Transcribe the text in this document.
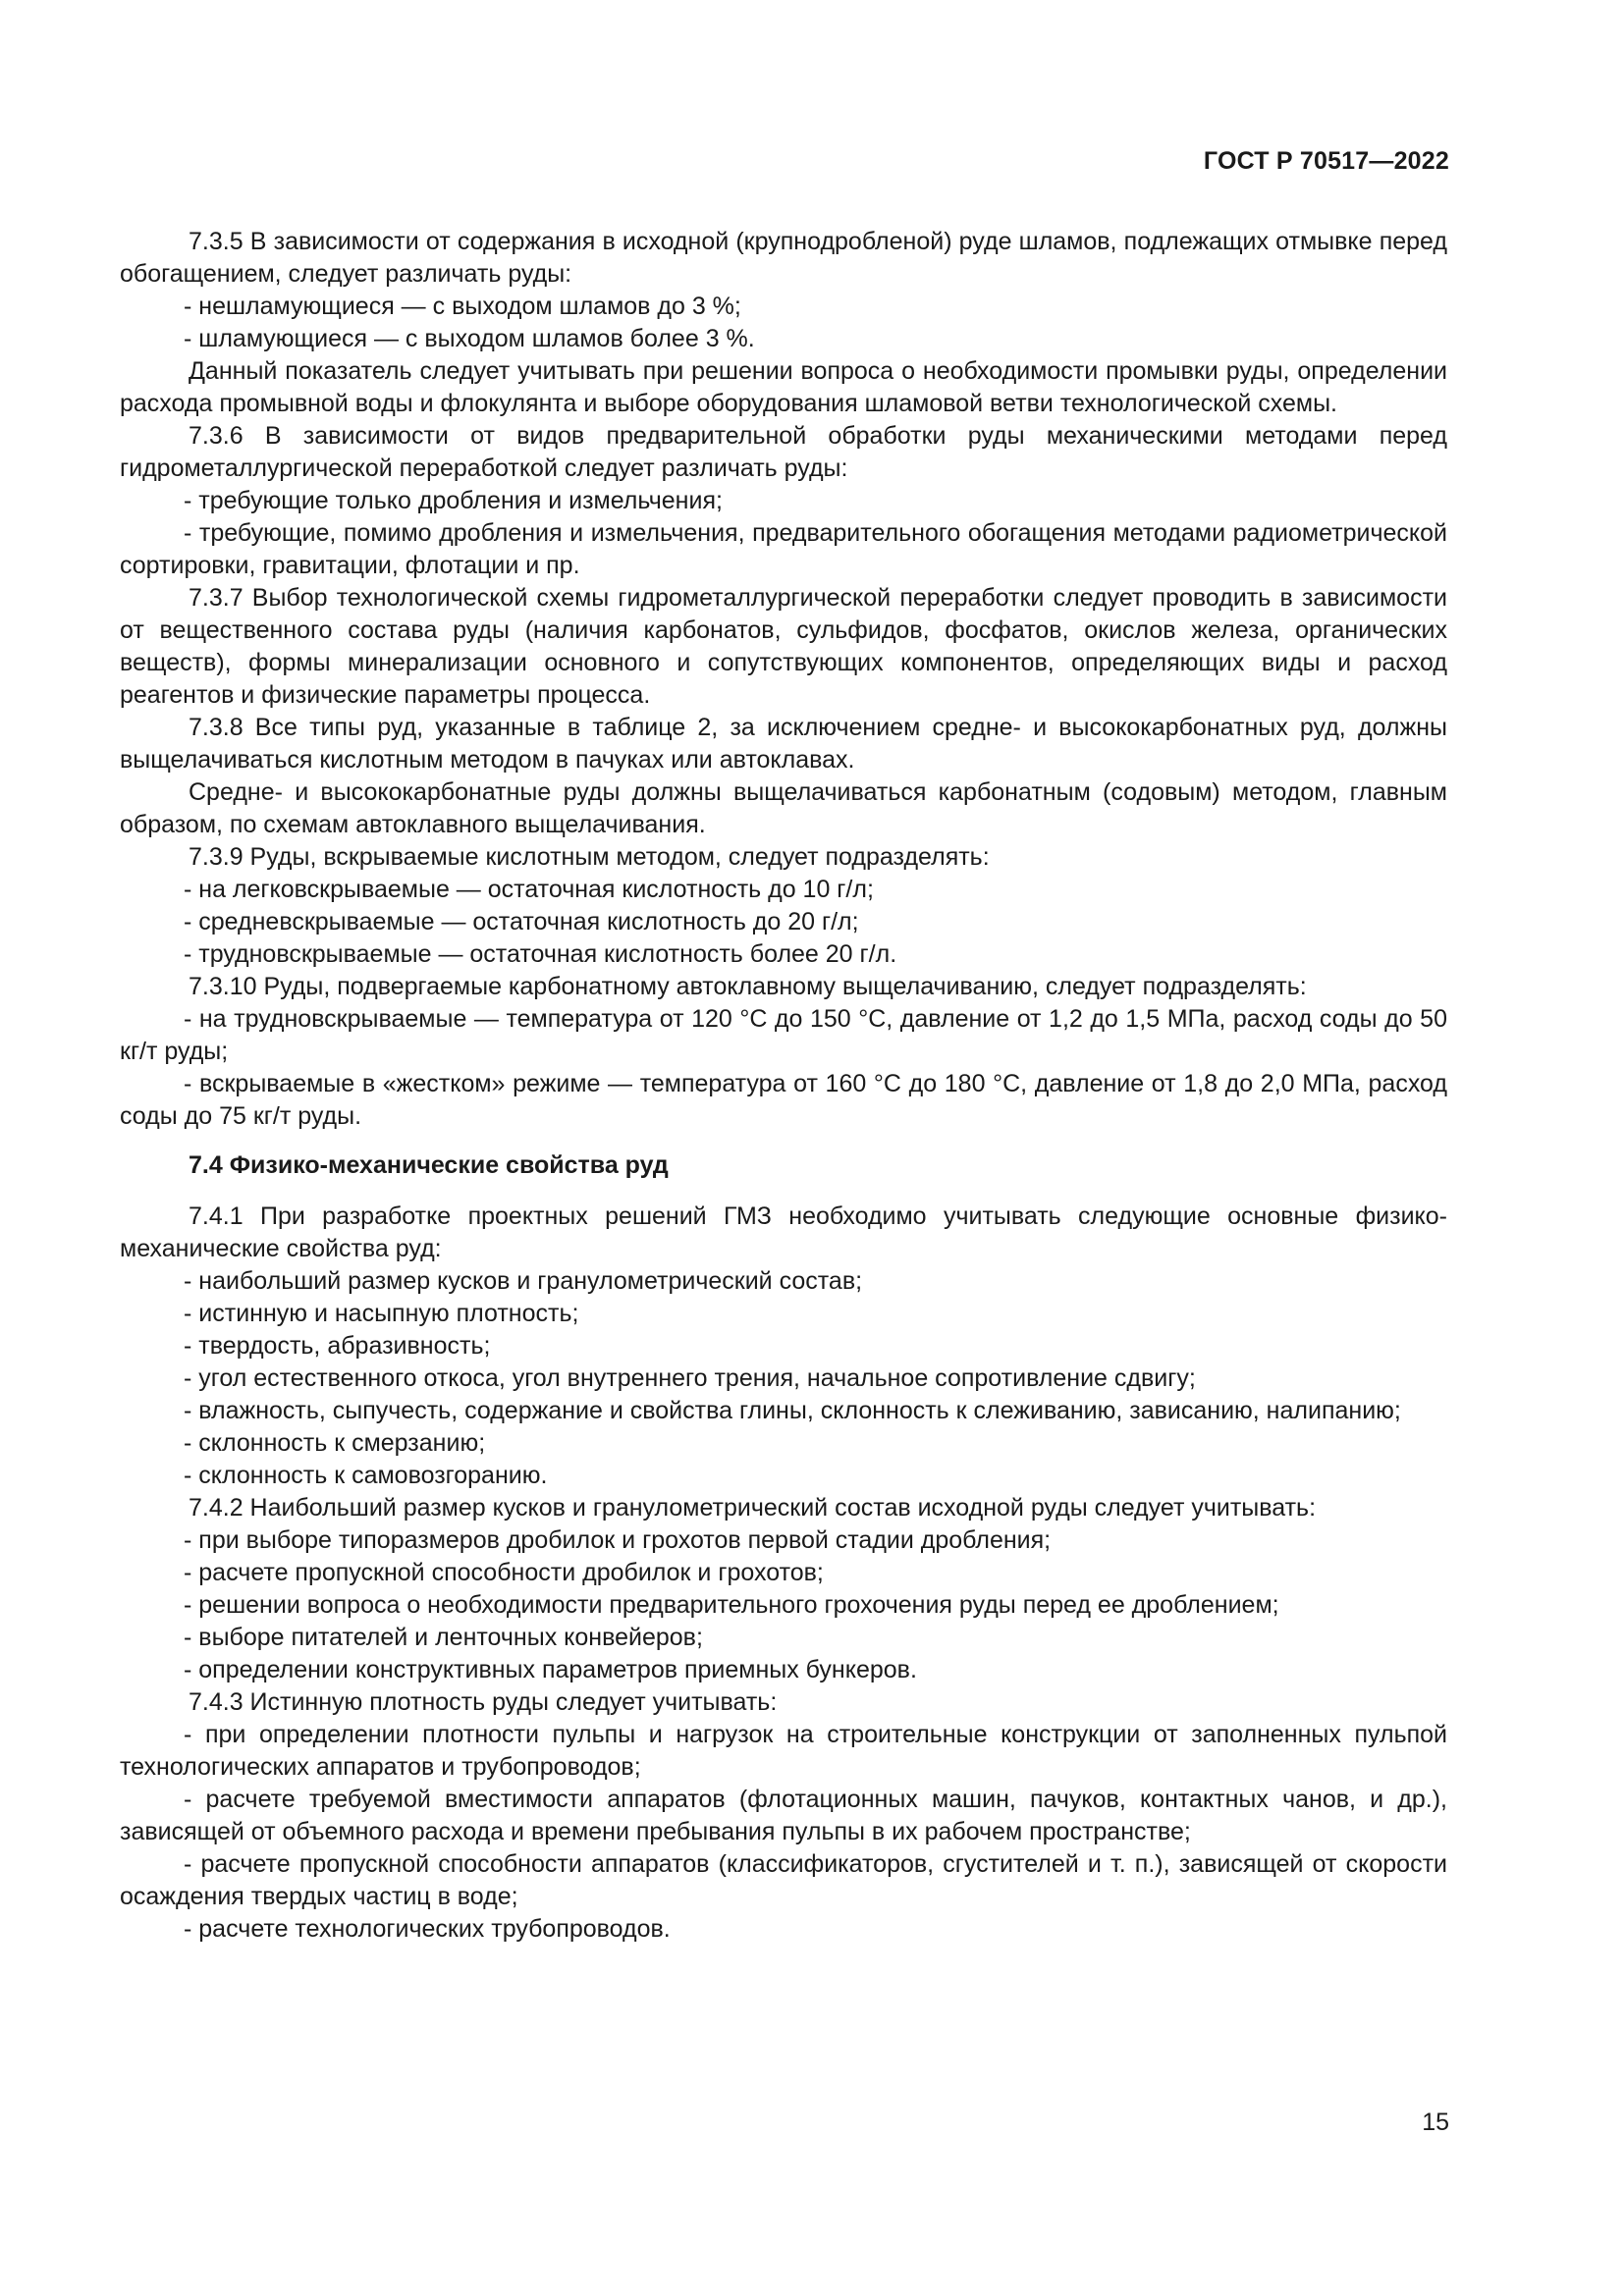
ГОСТ Р 70517—2022

7.3.5 В зависимости от содержания в исходной (крупнодробленой) руде шламов, подлежащих отмывке перед обогащением, следует различать руды:

- нешламующиеся — с выходом шламов до 3 %;

- шламующиеся — с выходом шламов более 3 %.

Данный показатель следует учитывать при решении вопроса о необходимости промывки руды, определении расхода промывной воды и флокулянта и выборе оборудования шламовой ветви технологической схемы.

7.3.6 В зависимости от видов предварительной обработки руды механическими методами перед гидрометаллургической переработкой следует различать руды:

- требующие только дробления и измельчения;

- требующие, помимо дробления и измельчения, предварительного обогащения методами радиометрической сортировки, гравитации, флотации и пр.

7.3.7 Выбор технологической схемы гидрометаллургической переработки следует проводить в зависимости от вещественного состава руды (наличия карбонатов, сульфидов, фосфатов, окислов железа, органических веществ), формы минерализации основного и сопутствующих компонентов, определяющих виды и расход реагентов и физические параметры процесса.

7.3.8 Все типы руд, указанные в таблице 2, за исключением средне- и высококарбонатных руд, должны выщелачиваться кислотным методом в пачуках или автоклавах.

Средне- и высококарбонатные руды должны выщелачиваться карбонатным (содовым) методом, главным образом, по схемам автоклавного выщелачивания.

7.3.9 Руды, вскрываемые кислотным методом, следует подразделять:

- на легковскрываемые — остаточная кислотность до 10 г/л;

- средневскрываемые — остаточная кислотность до 20 г/л;

- трудновскрываемые — остаточная кислотность более 20 г/л.

7.3.10 Руды, подвергаемые карбонатному автоклавному выщелачиванию, следует подразделять:

- на трудновскрываемые — температура от 120 °C до 150 °C, давление от 1,2 до 1,5 МПа, расход соды до 50 кг/т руды;

- вскрываемые в «жестком» режиме — температура от 160 °C до 180 °C, давление от 1,8 до 2,0 МПа, расход соды до 75 кг/т руды.

7.4 Физико-механические свойства руд

7.4.1 При разработке проектных решений ГМЗ необходимо учитывать следующие основные физико-механические свойства руд:

- наибольший размер кусков и гранулометрический состав;

- истинную и насыпную плотность;

- твердость, абразивность;

- угол естественного откоса, угол внутреннего трения, начальное сопротивление сдвигу;

- влажность, сыпучесть, содержание и свойства глины, склонность к слеживанию, зависанию, налипанию;

- склонность к смерзанию;

- склонность к самовозгоранию.

7.4.2 Наибольший размер кусков и гранулометрический состав исходной руды следует учитывать:

- при выборе типоразмеров дробилок и грохотов первой стадии дробления;

- расчете пропускной способности дробилок и грохотов;

- решении вопроса о необходимости предварительного грохочения руды перед ее дроблением;

- выборе питателей и ленточных конвейеров;

- определении конструктивных параметров приемных бункеров.

7.4.3 Истинную плотность руды следует учитывать:

- при определении плотности пульпы и нагрузок на строительные конструкции от заполненных пульпой технологических аппаратов и трубопроводов;

- расчете требуемой вместимости аппаратов (флотационных машин, пачуков, контактных чанов, и др.), зависящей от объемного расхода и времени пребывания пульпы в их рабочем пространстве;

- расчете пропускной способности аппаратов (классификаторов, сгустителей и т. п.), зависящей от скорости осаждения твердых частиц в воде;

- расчете технологических трубопроводов.

15
